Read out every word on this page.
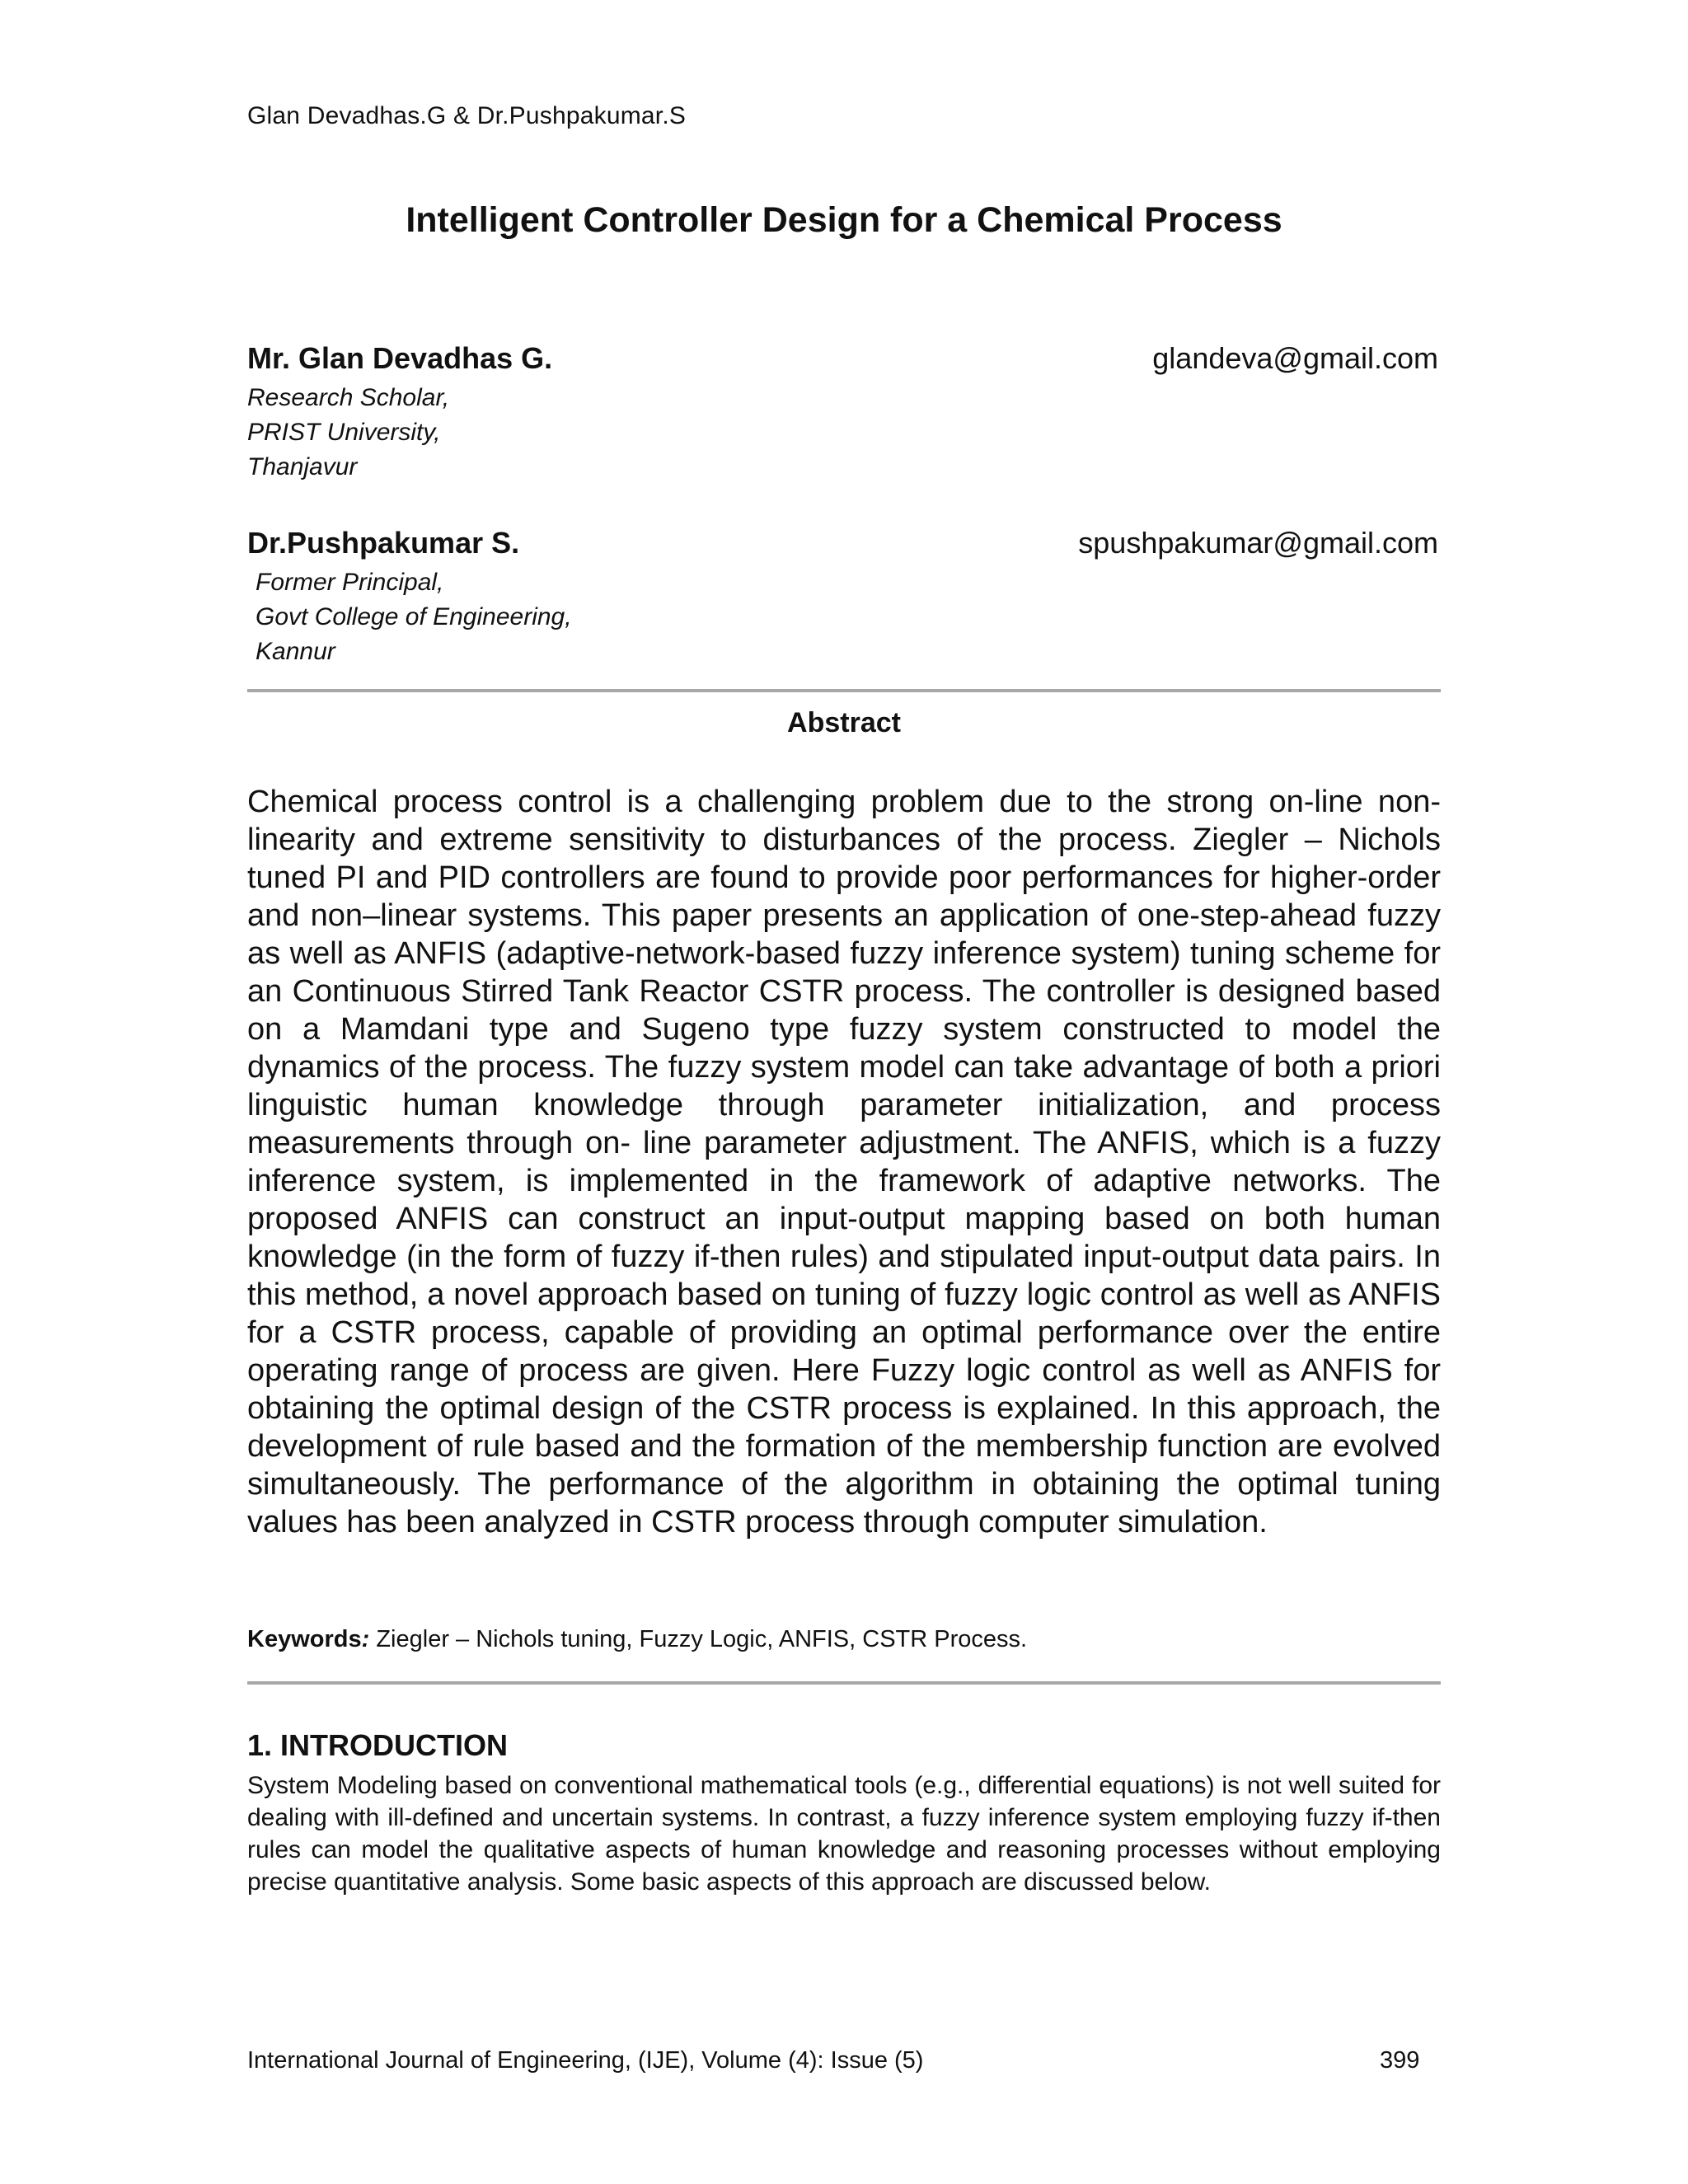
Glan Devadhas.G & Dr.Pushpakumar.S
Intelligent Controller Design for a Chemical Process
Mr. Glan Devadhas G.	glandeva@gmail.com
Research Scholar,
PRIST University,
Thanjavur
Dr.Pushpakumar S.	spushpakumar@gmail.com
Former Principal,
Govt College of Engineering,
Kannur
Abstract

Chemical process control is a challenging problem due to the strong on-line non-linearity and extreme sensitivity to disturbances of the process. Ziegler – Nichols tuned PI and PID controllers are found to provide poor performances for higher-order and non–linear systems. This paper presents an application of one-step-ahead fuzzy as well as ANFIS (adaptive-network-based fuzzy inference system) tuning scheme for an Continuous Stirred Tank Reactor CSTR process. The controller is designed based on a Mamdani type and Sugeno type fuzzy system constructed to model the dynamics of the process. The fuzzy system model can take advantage of both a priori linguistic human knowledge through parameter initialization, and process measurements through on- line parameter adjustment. The ANFIS, which is a fuzzy inference system, is implemented in the framework of adaptive networks. The proposed ANFIS can construct an input-output mapping based on both human knowledge (in the form of fuzzy if-then rules) and stipulated input-output data pairs. In this method, a novel approach based on tuning of fuzzy logic control as well as ANFIS for a CSTR process, capable of providing an optimal performance over the entire operating range of process are given. Here Fuzzy logic control as well as ANFIS for obtaining the optimal design of the CSTR process is explained. In this approach, the development of rule based and the formation of the membership function are evolved simultaneously. The performance of the algorithm in obtaining the optimal tuning values has been analyzed in CSTR process through computer simulation.

Keywords: Ziegler – Nichols tuning, Fuzzy Logic, ANFIS, CSTR Process.
1. INTRODUCTION

System Modeling based on conventional mathematical tools (e.g., differential equations) is not well suited for dealing with ill-defined and uncertain systems. In contrast, a fuzzy inference system employing fuzzy if-then rules can model the qualitative aspects of human knowledge and reasoning processes without employing precise quantitative analysis. Some basic aspects of this approach are discussed below.

International Journal of Engineering, (IJE), Volume (4): Issue (5)	399
